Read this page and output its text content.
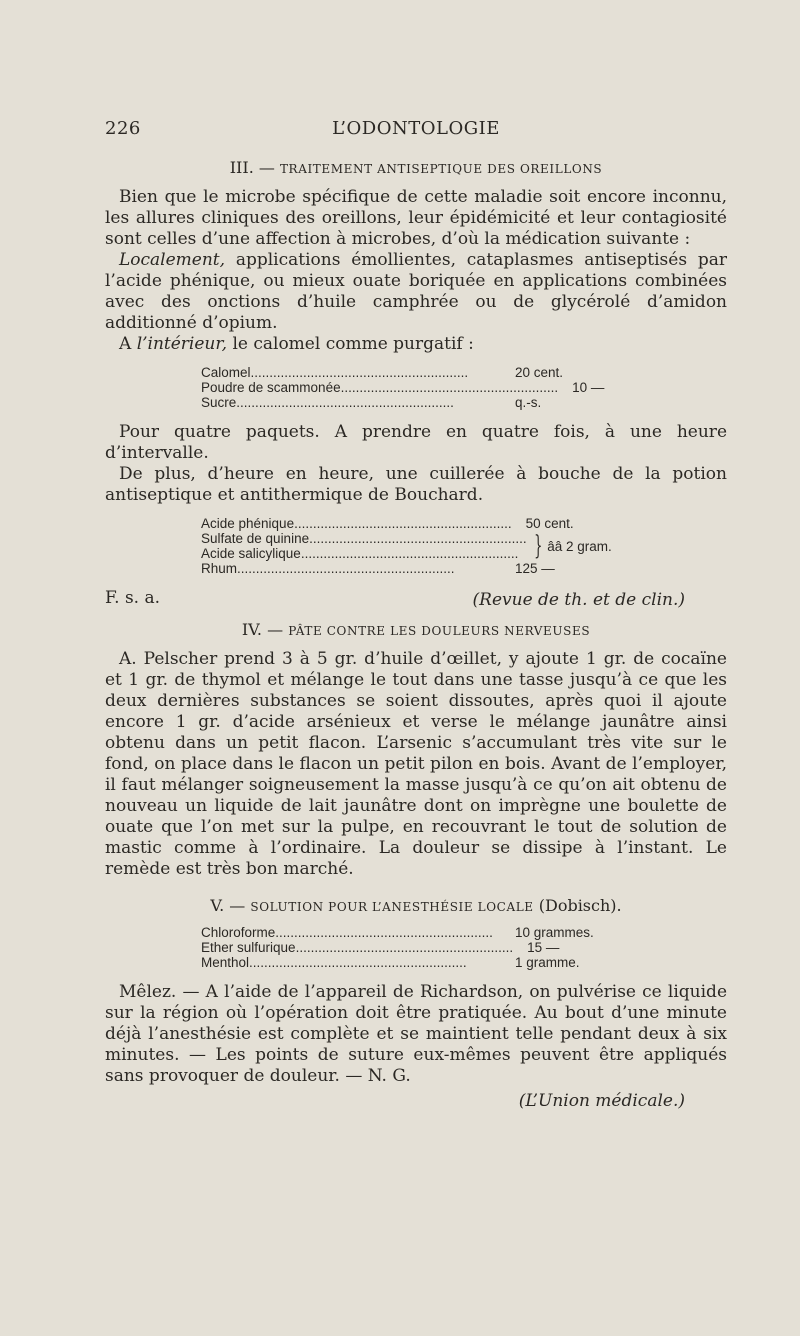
226	L’ODONTOLOGIE
III. — TRAITEMENT ANTISEPTIQUE DES OREILLONS

Bien que le microbe spécifique de cette maladie soit encore inconnu, les allures cliniques des oreillons, leur épidémicité et leur contagiosité sont celles d’une affection à microbes, d’où la médication suivante :

Localement, applications émollientes, cataplasmes antiseptisés par l’acide phénique, ou mieux ouate boriquée en applications combinées avec des onctions d’huile camphrée ou de glycérolé d’amidon additionné d’opium.

A l’intérieur, le calomel comme purgatif :

Calomel..........................................................	20 cent.
Poudre de scammonée..........................................................	10 —
Sucre..........................................................	q.-s.

Pour quatre paquets. A prendre en quatre fois, à une heure d’intervalle.

De plus, d’heure en heure, une cuillerée à bouche de la potion antiseptique et antithermique de Bouchard.

Acide phénique..........................................................	50 cent.
Sulfate de quinine..........................................................
Acide salicylique.......................................................... } ââ 2 gram.
Rhum..........................................................	125 —
F. s. a.	(Revue de th. et de clin.)
IV. — PÂTE CONTRE LES DOULEURS NERVEUSES

A. Pelscher prend 3 à 5 gr. d’huile d’œillet, y ajoute 1 gr. de cocaïne et 1 gr. de thymol et mélange le tout dans une tasse jusqu’à ce que les deux dernières substances se soient dissoutes, après quoi il ajoute encore 1 gr. d’acide arsénieux et verse le mélange jaunâtre ainsi obtenu dans un petit flacon. L’arsenic s’accumulant très vite sur le fond, on place dans le flacon un petit pilon en bois. Avant de l’employer, il faut mélanger soigneusement la masse jusqu’à ce qu’on ait obtenu de nouveau un liquide de lait jaunâtre dont on imprègne une boulette de ouate que l’on met sur la pulpe, en recouvrant le tout de solution de mastic comme à l’ordinaire. La douleur se dissipe à l’instant. Le remède est très bon marché.

V. — SOLUTION POUR L’ANESTHÉSIE LOCALE (Dobisch).
Chloroforme..........................................................	10 grammes.
Ether sulfurique..........................................................	15 —
Menthol..........................................................	1 gramme.

Mêlez. — A l’aide de l’appareil de Richardson, on pulvérise ce liquide sur la région où l’opération doit être pratiquée. Au bout d’une minute déjà l’anesthésie est complète et se maintient telle pendant deux à six minutes. — Les points de suture eux-mêmes peuvent être appliqués sans provoquer de douleur. — N. G.

(L’Union médicale.)
